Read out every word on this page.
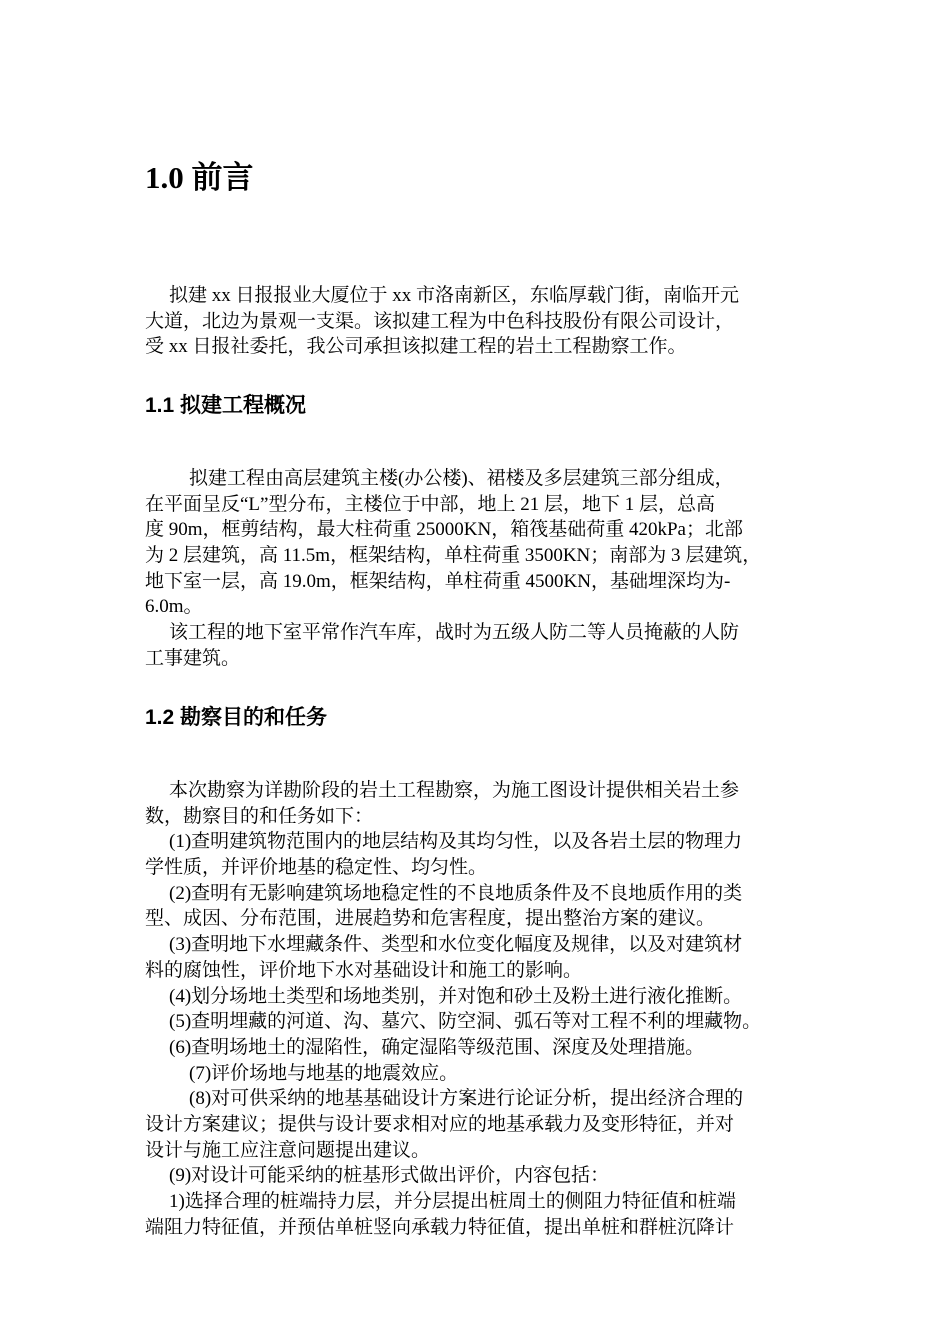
1.0 前言
拟建 xx 日报报业大厦位于 xx 市洛南新区，东临厚载门街，南临开元
大道，北边为景观一支渠。该拟建工程为中色科技股份有限公司设计，
受 xx 日报社委托，我公司承担该拟建工程的岩土工程勘察工作。
1.1 拟建工程概况
拟建工程由高层建筑主楼(办公楼)、裙楼及多层建筑三部分组成，
在平面呈反“L”型分布，主楼位于中部，地上 21 层，地下 1 层，总高
度 90m，框剪结构，最大柱荷重 25000KN，箱筏基础荷重 420kPa；北部
为 2 层建筑，高 11.5m，框架结构，单柱荷重 3500KN；南部为 3 层建筑，
地下室一层，高 19.0m，框架结构，单柱荷重 4500KN，基础埋深均为-
6.0m。
该工程的地下室平常作汽车库，战时为五级人防二等人员掩蔽的人防
工事建筑。
1.2 勘察目的和任务
本次勘察为详勘阶段的岩土工程勘察，为施工图设计提供相关岩土参
数，勘察目的和任务如下：
(1)查明建筑物范围内的地层结构及其均匀性，以及各岩土层的物理力
学性质，并评价地基的稳定性、均匀性。
(2)查明有无影响建筑场地稳定性的不良地质条件及不良地质作用的类
型、成因、分布范围，进展趋势和危害程度，提出整治方案的建议。
(3)查明地下水埋藏条件、类型和水位变化幅度及规律，以及对建筑材
料的腐蚀性，评价地下水对基础设计和施工的影响。
(4)划分场地土类型和场地类别，并对饱和砂土及粉土进行液化推断。
(5)查明埋藏的河道、沟、墓穴、防空洞、弧石等对工程不利的埋藏物。
(6)查明场地土的湿陷性，确定湿陷等级范围、深度及处理措施。
(7)评价场地与地基的地震效应。
(8)对可供采纳的地基基础设计方案进行论证分析，提出经济合理的
设计方案建议；提供与设计要求相对应的地基承载力及变形特征，并对
设计与施工应注意问题提出建议。
(9)对设计可能采纳的桩基形式做出评价，内容包括：
1)选择合理的桩端持力层，并分层提出桩周土的侧阻力特征值和桩端
端阻力特征值，并预估单桩竖向承载力特征值，提出单桩和群桩沉降计
